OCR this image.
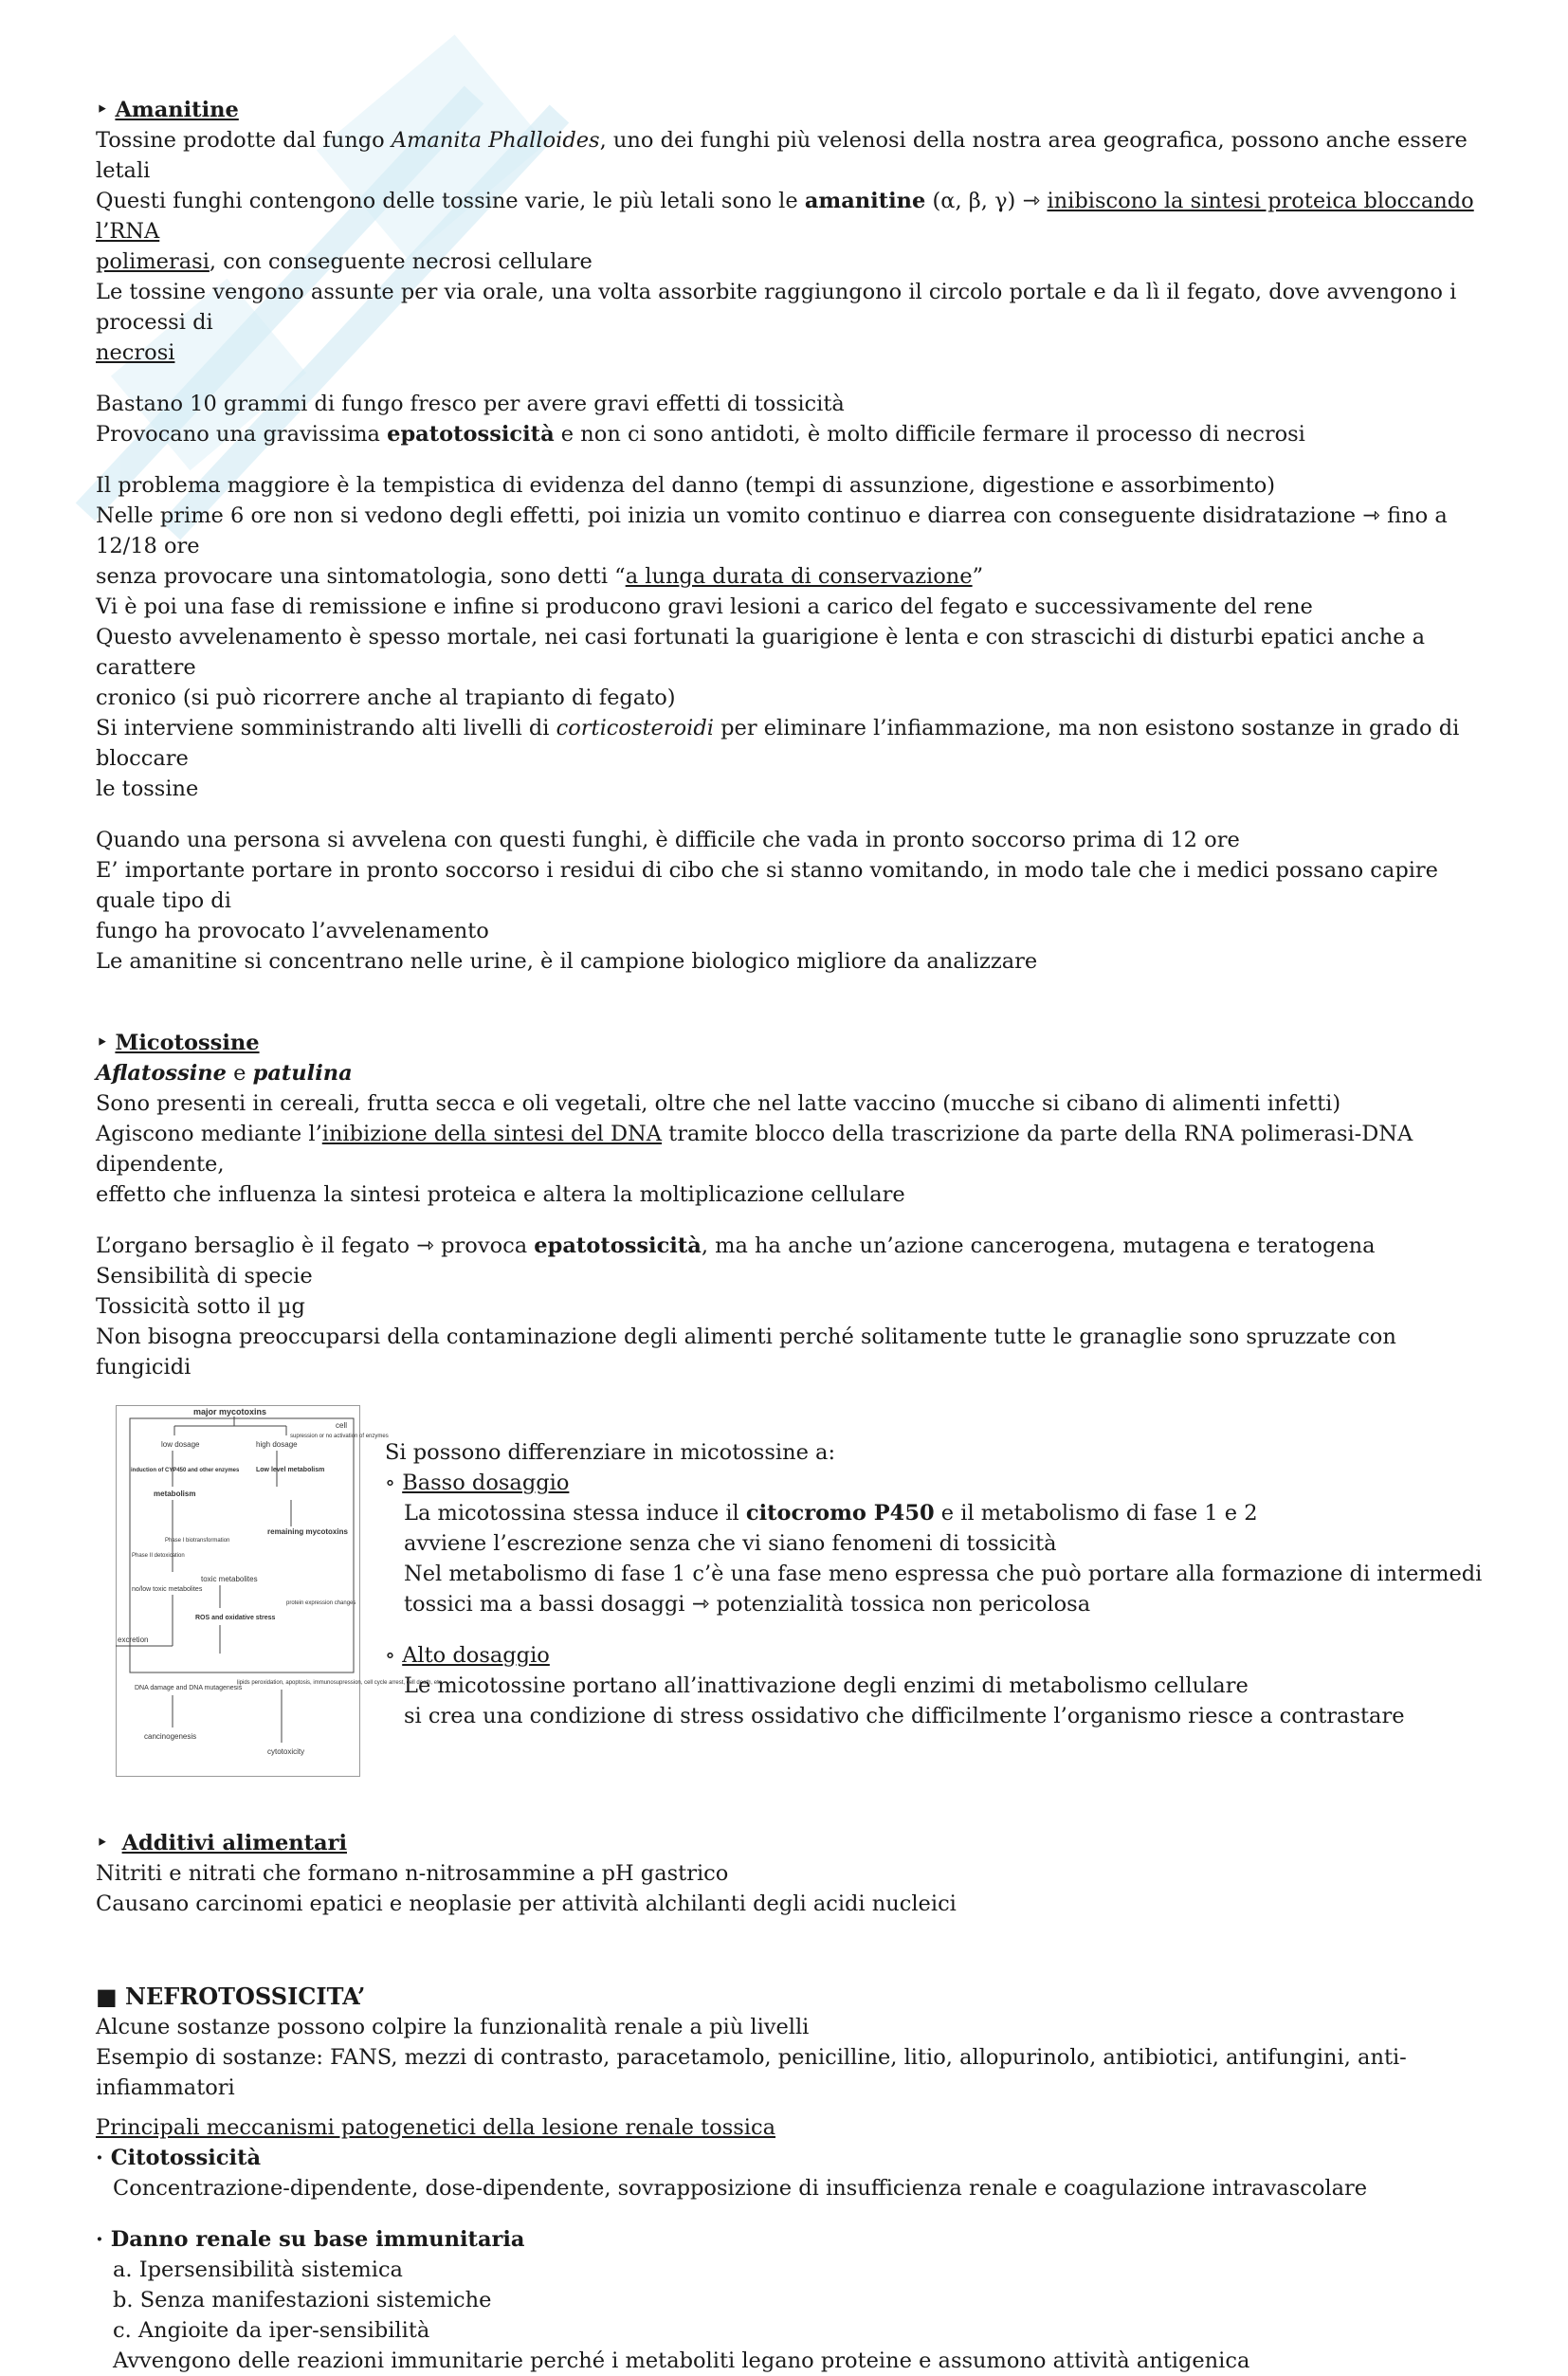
‣ Amanitine

Tossine prodotte dal fungo Amanita Phalloides, uno dei funghi più velenosi della nostra area geografica, possono anche essere letali

Questi funghi contengono delle tossine varie, le più letali sono le amanitine (α, β, γ) ⇾ inibiscono la sintesi proteica bloccando l’RNA

polimerasi, con conseguente necrosi cellulare

Le tossine vengono assunte per via orale, una volta assorbite raggiungono il circolo portale e da lì il fegato, dove avvengono i processi di

necrosi

Bastano 10 grammi di fungo fresco per avere gravi effetti di tossicità

Provocano una gravissima epatotossicità e non ci sono antidoti, è molto difficile fermare il processo di necrosi

Il problema maggiore è la tempistica di evidenza del danno (tempi di assunzione, digestione e assorbimento)

Nelle prime 6 ore non si vedono degli effetti, poi inizia un vomito continuo e diarrea con conseguente disidratazione ⇾ fino a 12/18 ore

senza provocare una sintomatologia, sono detti “a lunga durata di conservazione”

Vi è poi una fase di remissione e infine si producono gravi lesioni a carico del fegato e successivamente del rene

Questo avvelenamento è spesso mortale, nei casi fortunati la guarigione è lenta e con strascichi di disturbi epatici anche a carattere

cronico (si può ricorrere anche al trapianto di fegato)

Si interviene somministrando alti livelli di corticosteroidi per eliminare l’infiammazione, ma non esistono sostanze in grado di bloccare

le tossine

Quando una persona si avvelena con questi funghi, è difficile che vada in pronto soccorso prima di 12 ore

E’ importante portare in pronto soccorso i residui di cibo che si stanno vomitando, in modo tale che i medici possano capire quale tipo di

fungo ha provocato l’avvelenamento

Le amanitine si concentrano nelle urine, è il campione biologico migliore da analizzare

‣ Micotossine

Aflatossine e patulina

Sono presenti in cereali, frutta secca e oli vegetali, oltre che nel latte vaccino (mucche si cibano di alimenti infetti)

Agiscono mediante l’inibizione della sintesi del DNA tramite blocco della trascrizione da parte della RNA polimerasi-DNA dipendente,

effetto che influenza la sintesi proteica e altera la moltiplicazione cellulare

L’organo bersaglio è il fegato ⇾ provoca epatotossicità, ma ha anche un’azione cancerogena, mutagena e teratogena

Sensibilità di specie

Tossicità sotto il µg

Non bisogna preoccuparsi della contaminazione degli alimenti perché solitamente tutte le granaglie sono spruzzate con fungicidi

cell
major mycotoxins
low dosage	high dosage
supression or no activation of enzymes
induction of CYP450 and other enzymes	Low level metabolism
metabolism
Phase I biotransformation
Phase II detoxication
remaining mycotoxins
no/low toxic metabolites
toxic metabolites
protein expression changes
ROS and oxidative stress
excretion
DNA damage and DNA mutagenesis
lipids peroxidation, apoptosis, immunosupression, cell cycle arrest, cell death, etc.
cancinogenesis
cytotoxicity

Si possono differenziare in micotossine a:

∘ Basso dosaggio

La micotossina stessa induce il citocromo P450 e il metabolismo di fase 1 e 2

avviene l’escrezione senza che vi siano fenomeni di tossicità

Nel metabolismo di fase 1 c’è una fase meno espressa che può portare alla formazione di intermedi

tossici ma a bassi dosaggi ⇾ potenzialità tossica non pericolosa

∘ Alto dosaggio

Le micotossine portano all’inattivazione degli enzimi di metabolismo cellulare

si crea una condizione di stress ossidativo che difficilmente l’organismo riesce a contrastare

‣ Additivi alimentari

Nitriti e nitrati che formano n-nitrosammine a pH gastrico

Causano carcinomi epatici e neoplasie per attività alchilanti degli acidi nucleici

■ NEFROTOSSICITA’

Alcune sostanze possono colpire la funzionalità renale a più livelli

Esempio di sostanze: FANS, mezzi di contrasto, paracetamolo, penicilline, litio, allopurinolo, antibiotici, antifungini, anti-infiammatori

Principali meccanismi patogenetici della lesione renale tossica

· Citotossicità

Concentrazione-dipendente, dose-dipendente, sovrapposizione di insufficienza renale e coagulazione intravascolare

· Danno renale su base immunitaria

a. Ipersensibilità sistemica

b. Senza manifestazioni sistemiche

c. Angioite da iper-sensibilità

Avvengono delle reazioni immunitarie perché i metaboliti legano proteine e assumono attività antigenica
